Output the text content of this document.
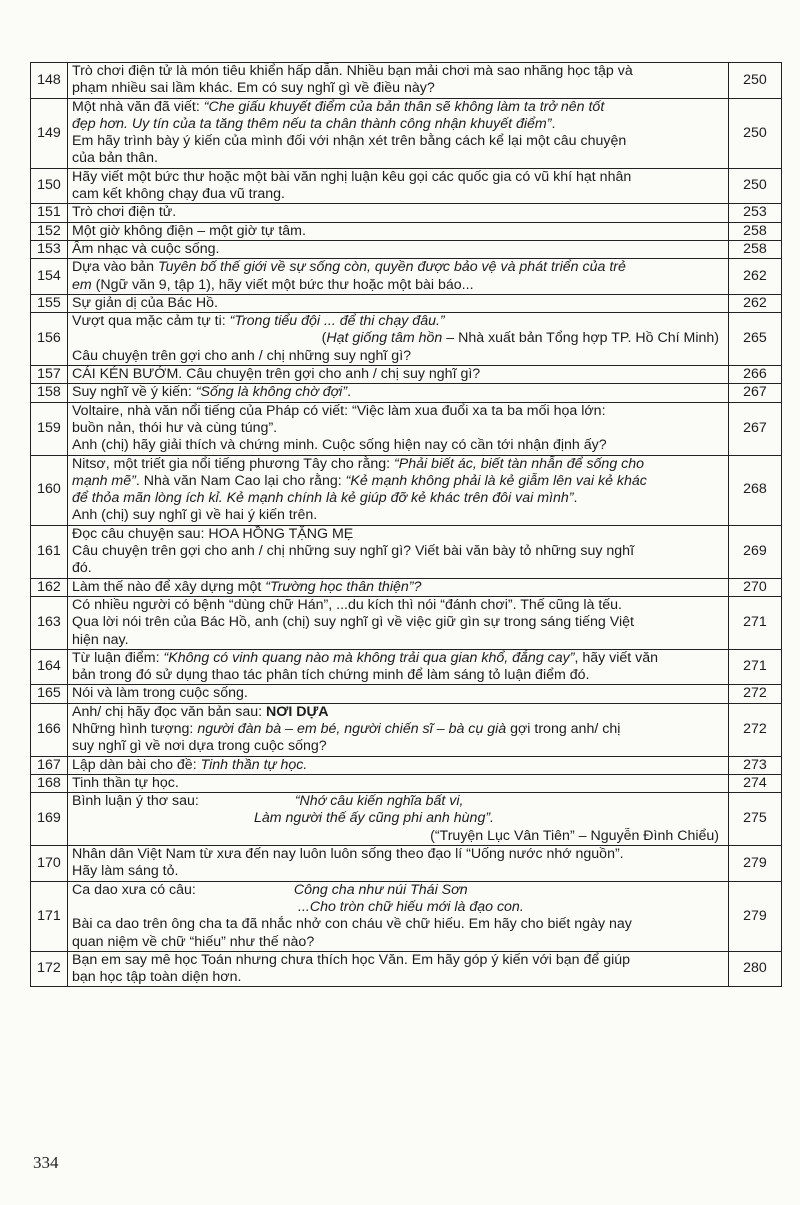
148	Trò chơi điện tử là món tiêu khiển hấp dẫn. Nhiều bạn mải chơi mà sao nhãng học tập và
phạm nhiều sai lầm khác. Em có suy nghĩ gì về điều này?	250
149	Một nhà văn đã viết: “Che giấu khuyết điểm của bản thân sẽ không làm ta trở nên tốt
đẹp hơn. Uy tín của ta tăng thêm nếu ta chân thành công nhận khuyết điểm”.
Em hãy trình bày ý kiến của mình đối với nhận xét trên bằng cách kể lại một câu chuyện
của bản thân.	250
150	Hãy viết một bức thư hoặc một bài văn nghị luận kêu gọi các quốc gia có vũ khí hạt nhân
cam kết không chạy đua vũ trang.	250
151	Trò chơi điện tử.	253
152	Một giờ không điện – một giờ tự tâm.	258
153	Âm nhạc và cuộc sống.	258
154	Dựa vào bản Tuyên bố thế giới về sự sống còn, quyền được bảo vệ và phát triển của trẻ
em (Ngữ văn 9, tập 1), hãy viết một bức thư hoặc một bài báo...	262
155	Sự giản dị của Bác Hồ.	262
156	Vượt qua mặc cảm tự ti: “Trong tiểu đội ... để thi chạy đâu.”
(Hạt giống tâm hồn – Nhà xuất bản Tổng hợp TP. Hồ Chí Minh)
Câu chuyện trên gợi cho anh / chị những suy nghĩ gì?	265
157	CÁI KÉN BƯỚM. Câu chuyện trên gợi cho anh / chị suy nghĩ gì?	266
158	Suy nghĩ về ý kiến: “Sống là không chờ đợi”.	267
159	Voltaire, nhà văn nổi tiếng của Pháp có viết: “Việc làm xua đuổi xa ta ba mối họa lớn:
buồn nản, thói hư và cùng túng”.
Anh (chị) hãy giải thích và chứng minh. Cuộc sống hiện nay có cần tới nhận định ấy?	267
160	Nitsơ, một triết gia nổi tiếng phương Tây cho rằng: “Phải biết ác, biết tàn nhẫn để sống cho
mạnh mẽ”. Nhà văn Nam Cao lại cho rằng: “Kẻ mạnh không phải là kẻ giẫm lên vai kẻ khác
để thỏa mãn lòng ích kỉ. Kẻ mạnh chính là kẻ giúp đỡ kẻ khác trên đôi vai mình”.
Anh (chị) suy nghĩ gì về hai ý kiến trên.	268
161	Đọc câu chuyện sau: HOA HỒNG TẶNG MẸ
Câu chuyện trên gợi cho anh / chị những suy nghĩ gì? Viết bài văn bày tỏ những suy nghĩ
đó.	269
162	Làm thế nào để xây dựng một “Trường học thân thiện”?	270
163	Có nhiều người có bệnh “dùng chữ Hán”, ...du kích thì nói “đánh chơi”. Thế cũng là tếu.
Qua lời nói trên của Bác Hồ, anh (chị) suy nghĩ gì về việc giữ gìn sự trong sáng tiếng Việt
hiện nay.	271
164	Từ luận điểm: “Không có vinh quang nào mà không trải qua gian khổ, đắng cay”, hãy viết văn
bản trong đó sử dụng thao tác phân tích chứng minh để làm sáng tỏ luận điểm đó.	271
165	Nói và làm trong cuộc sống.	272
166	Anh/ chị hãy đọc văn bản sau: NƠI DỰA
Những hình tượng: người đàn bà – em bé, người chiến sĩ – bà cụ già gợi trong anh/ chị
suy nghĩ gì về nơi dựa trong cuộc sống?	272
167	Lập dàn bài cho đề: Tinh thần tự học.	273
168	Tinh thần tự học.	274
169	Bình luận ý thơ sau: “Nhớ câu kiến nghĩa bất vi,
Làm người thế ấy cũng phi anh hùng”.
(“Truyện Lục Vân Tiên” – Nguyễn Đình Chiểu)	275
170	Nhân dân Việt Nam từ xưa đến nay luôn luôn sống theo đạo lí “Uống nước nhớ nguồn”.
Hãy làm sáng tỏ.	279
171	Ca dao xưa có câu: Công cha như núi Thái Sơn
...Cho tròn chữ hiếu mới là đạo con.
Bài ca dao trên ông cha ta đã nhắc nhở con cháu về chữ hiếu. Em hãy cho biết ngày nay
quan niệm về chữ “hiếu” như thế nào?	279
172	Bạn em say mê học Toán nhưng chưa thích học Văn. Em hãy góp ý kiến với bạn để giúp
bạn học tập toàn diện hơn.	280
334
